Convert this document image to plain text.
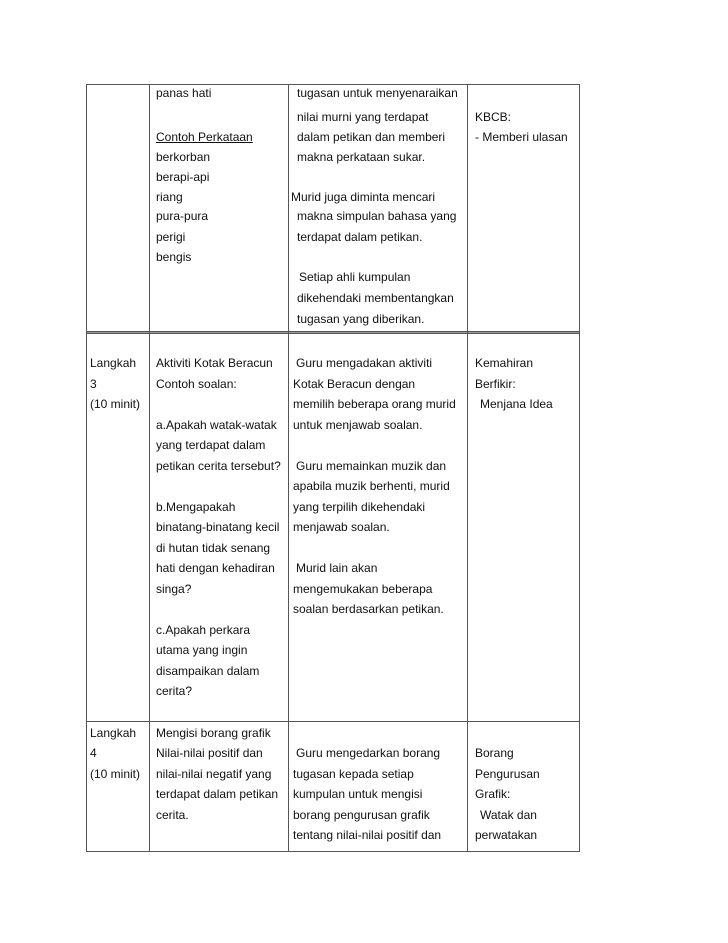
panas hati
Contoh Perkataan
berkorban
berapi-api
riang
pura-pura
perigi
bengis
tugasan untuk menyenaraikan
nilai murni yang terdapat
dalam petikan dan memberi
makna perkataan sukar.
Murid juga diminta mencari
makna simpulan bahasa yang
terdapat dalam petikan.
Setiap ahli kumpulan
dikehendaki membentangkan
tugasan yang diberikan.
KBCB:
- Memberi ulasan
Langkah
3
(10 minit)
Aktiviti Kotak Beracun
Contoh soalan:
a.Apakah watak-watak
yang terdapat dalam
petikan cerita tersebut?
b.Mengapakah
binatang-binatang kecil
di hutan tidak senang
hati dengan kehadiran
singa?
c.Apakah perkara
utama yang ingin
disampaikan dalam
cerita?
Guru mengadakan aktiviti
Kotak Beracun dengan
memilih beberapa orang murid
untuk menjawab soalan.
Guru memainkan muzik dan
apabila muzik berhenti, murid
yang terpilih dikehendaki
menjawab soalan.
Murid lain akan
mengemukakan beberapa
soalan berdasarkan petikan.
Kemahiran
Berfikir:
Menjana Idea
Langkah
4
(10 minit)
Mengisi borang grafik
Nilai-nilai positif dan
nilai-nilai negatif yang
terdapat dalam petikan
cerita.
Guru mengedarkan borang
tugasan kepada setiap
kumpulan untuk mengisi
borang pengurusan grafik
tentang nilai-nilai positif dan
Borang
Pengurusan
Grafik:
Watak dan
perwatakan
